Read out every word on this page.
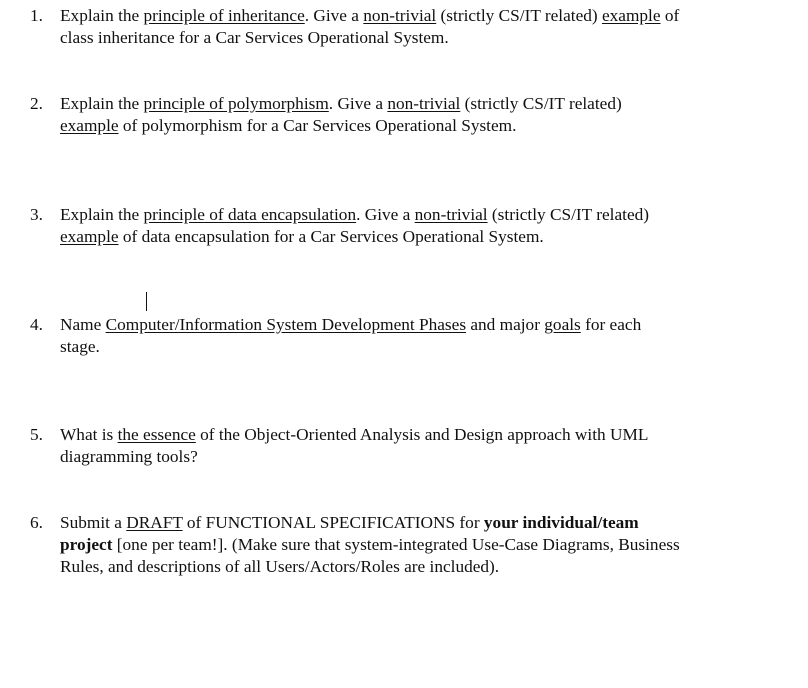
1. Explain the principle of inheritance. Give a non-trivial (strictly CS/IT related) example of
class inheritance for a Car Services Operational System.
2. Explain the principle of polymorphism. Give a non-trivial (strictly CS/IT related)
example of polymorphism for a Car Services Operational System.
3. Explain the principle of data encapsulation. Give a non-trivial (strictly CS/IT related)
example of data encapsulation for a Car Services Operational System.
4. Name Computer/Information System Development Phases and major goals for each
stage.
5. What is the essence of the Object-Oriented Analysis and Design approach with UML
diagramming tools?
6. Submit a DRAFT of FUNCTIONAL SPECIFICATIONS for your individual/team
project [one per team!]. (Make sure that system-integrated Use-Case Diagrams, Business
Rules, and descriptions of all Users/Actors/Roles are included).
